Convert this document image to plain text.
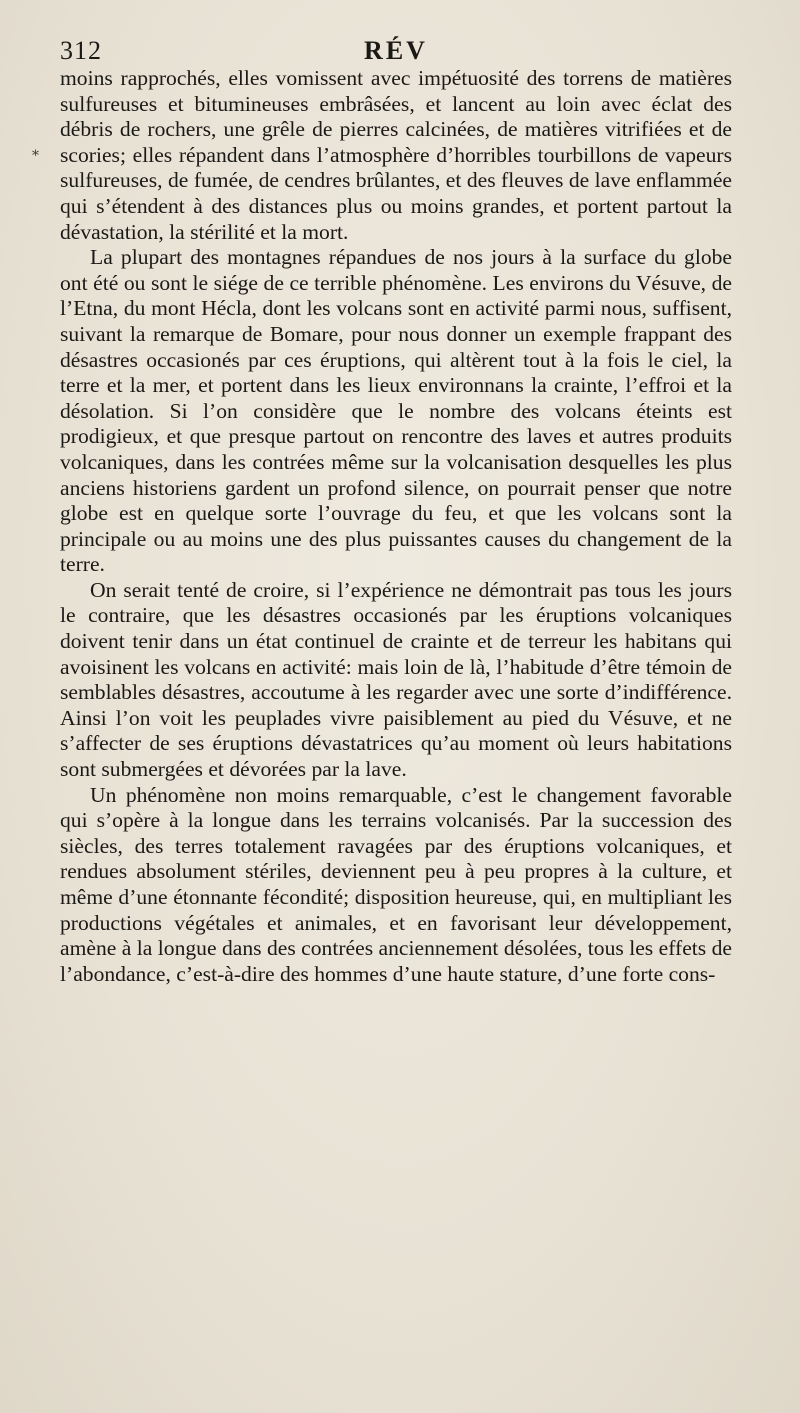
312	RÉV
*

moins rapprochés, elles vomissent avec impétuosité des torrens de matières sulfureuses et bitumineuses embrâsées, et lancent au loin avec éclat des débris de rochers, une grêle de pierres calcinées, de matières vitrifiées et de scories; elles répandent dans l’atmosphère d’horribles tourbillons de vapeurs sulfureuses, de fumée, de cendres brûlantes, et des fleuves de lave enflammée qui s’étendent à des distances plus ou moins grandes, et portent partout la dévastation, la stérilité et la mort.

La plupart des montagnes répandues de nos jours à la surface du globe ont été ou sont le siége de ce terrible phénomène. Les environs du Vésuve, de l’Etna, du mont Hécla, dont les volcans sont en activité parmi nous, suffisent, suivant la remarque de Bomare, pour nous donner un exemple frappant des désastres occasionés par ces éruptions, qui altèrent tout à la fois le ciel, la terre et la mer, et portent dans les lieux environnans la crainte, l’effroi et la désolation. Si l’on considère que le nombre des volcans éteints est prodigieux, et que presque partout on rencontre des laves et autres produits volcaniques, dans les contrées même sur la volcanisation desquelles les plus anciens historiens gardent un profond silence, on pourrait penser que notre globe est en quelque sorte l’ouvrage du feu, et que les volcans sont la principale ou au moins une des plus puissantes causes du changement de la terre.

On serait tenté de croire, si l’expérience ne démontrait pas tous les jours le contraire, que les désastres occasionés par les éruptions volcaniques doivent tenir dans un état continuel de crainte et de terreur les habitans qui avoisinent les volcans en activité: mais loin de là, l’habitude d’être témoin de semblables désastres, accoutume à les regarder avec une sorte d’indifférence. Ainsi l’on voit les peuplades vivre paisiblement au pied du Vésuve, et ne s’affecter de ses éruptions dévastatrices qu’au moment où leurs habitations sont submergées et dévorées par la lave.

Un phénomène non moins remarquable, c’est le changement favorable qui s’opère à la longue dans les terrains volcanisés. Par la succession des siècles, des terres totalement ravagées par des éruptions volcaniques, et rendues absolument stériles, deviennent peu à peu propres à la culture, et même d’une étonnante fécondité; disposition heureuse, qui, en multipliant les productions végétales et animales, et en favorisant leur développement, amène à la longue dans des contrées anciennement désolées, tous les effets de l’abondance, c’est-à-dire des hommes d’une haute stature, d’une forte cons-
